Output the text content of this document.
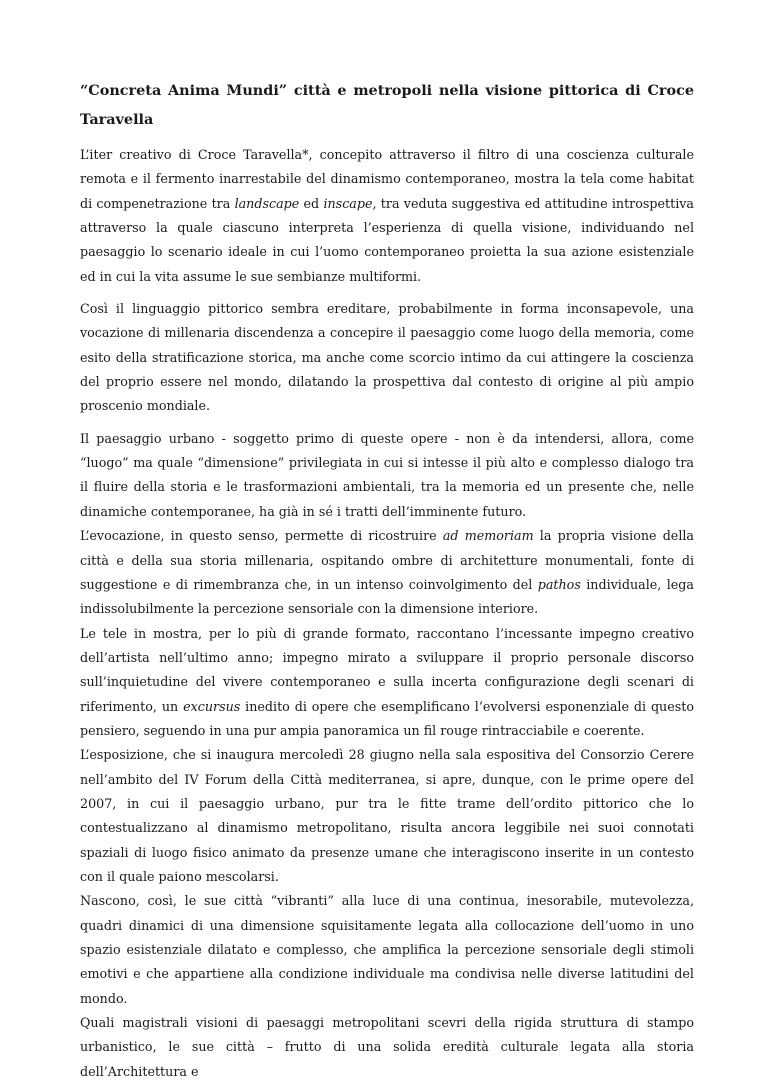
“Concreta Anima Mundi” città e metropoli nella visione pittorica di Croce Taravella

L’iter creativo di Croce Taravella*, concepito attraverso il filtro di una coscienza culturale remota e il fermento inarrestabile del dinamismo contemporaneo, mostra la tela come habitat di compenetrazione tra landscape ed inscape, tra veduta suggestiva ed attitudine introspettiva attraverso la quale ciascuno interpreta l’esperienza di quella visione, individuando nel paesaggio lo scenario ideale in cui l’uomo contemporaneo proietta la sua azione esistenziale ed in cui la vita assume le sue sembianze multiformi.

Così il linguaggio pittorico sembra ereditare, probabilmente in forma inconsapevole, una vocazione di millenaria discendenza a concepire il paesaggio come luogo della memoria, come esito della stratificazione storica, ma anche come scorcio intimo da cui attingere la coscienza del proprio essere nel mondo, dilatando la prospettiva dal contesto di origine al più ampio proscenio mondiale.

Il paesaggio urbano - soggetto primo di queste opere - non è da intendersi, allora, come “luogo” ma quale “dimensione” privilegiata in cui si intesse il più alto e complesso dialogo tra il fluire della storia e le trasformazioni ambientali, tra la memoria ed un presente che, nelle dinamiche contemporanee, ha già in sé i tratti dell’imminente futuro.

L’evocazione, in questo senso, permette di ricostruire ad memoriam la propria visione della città e della sua storia millenaria, ospitando ombre di architetture monumentali, fonte di suggestione e di rimembranza che, in un intenso coinvolgimento del pathos individuale, lega indissolubilmente la percezione sensoriale con la dimensione interiore.

Le tele in mostra, per lo più di grande formato, raccontano l’incessante impegno creativo dell’artista nell’ultimo anno; impegno mirato a sviluppare il proprio personale discorso sull’inquietudine del vivere contemporaneo e sulla incerta configurazione degli scenari di riferimento, un excursus inedito di opere che esemplificano l’evolversi esponenziale di questo pensiero, seguendo in una pur ampia panoramica un fil rouge rintracciabile e coerente.

L’esposizione, che si inaugura mercoledì 28 giugno nella sala espositiva del Consorzio Cerere nell’ambito del IV Forum della Città mediterranea, si apre, dunque, con le prime opere del 2007, in cui il paesaggio urbano, pur tra le fitte trame dell’ordito pittorico che lo contestualizzano al dinamismo metropolitano, risulta ancora leggibile nei suoi connotati spaziali di luogo fisico animato da presenze umane che interagiscono inserite in un contesto con il quale paiono mescolarsi.

Nascono, così, le sue città “vibranti” alla luce di una continua, inesorabile, mutevolezza, quadri dinamici di una dimensione squisitamente legata alla collocazione dell’uomo in uno spazio esistenziale dilatato e complesso, che amplifica la percezione sensoriale degli stimoli emotivi e che appartiene alla condizione individuale ma condivisa nelle diverse latitudini del mondo.

Quali magistrali visioni di paesaggi metropolitani scevri della rigida struttura di stampo urbanistico, le sue città – frutto di una solida eredità culturale legata alla storia dell’Architettura e
